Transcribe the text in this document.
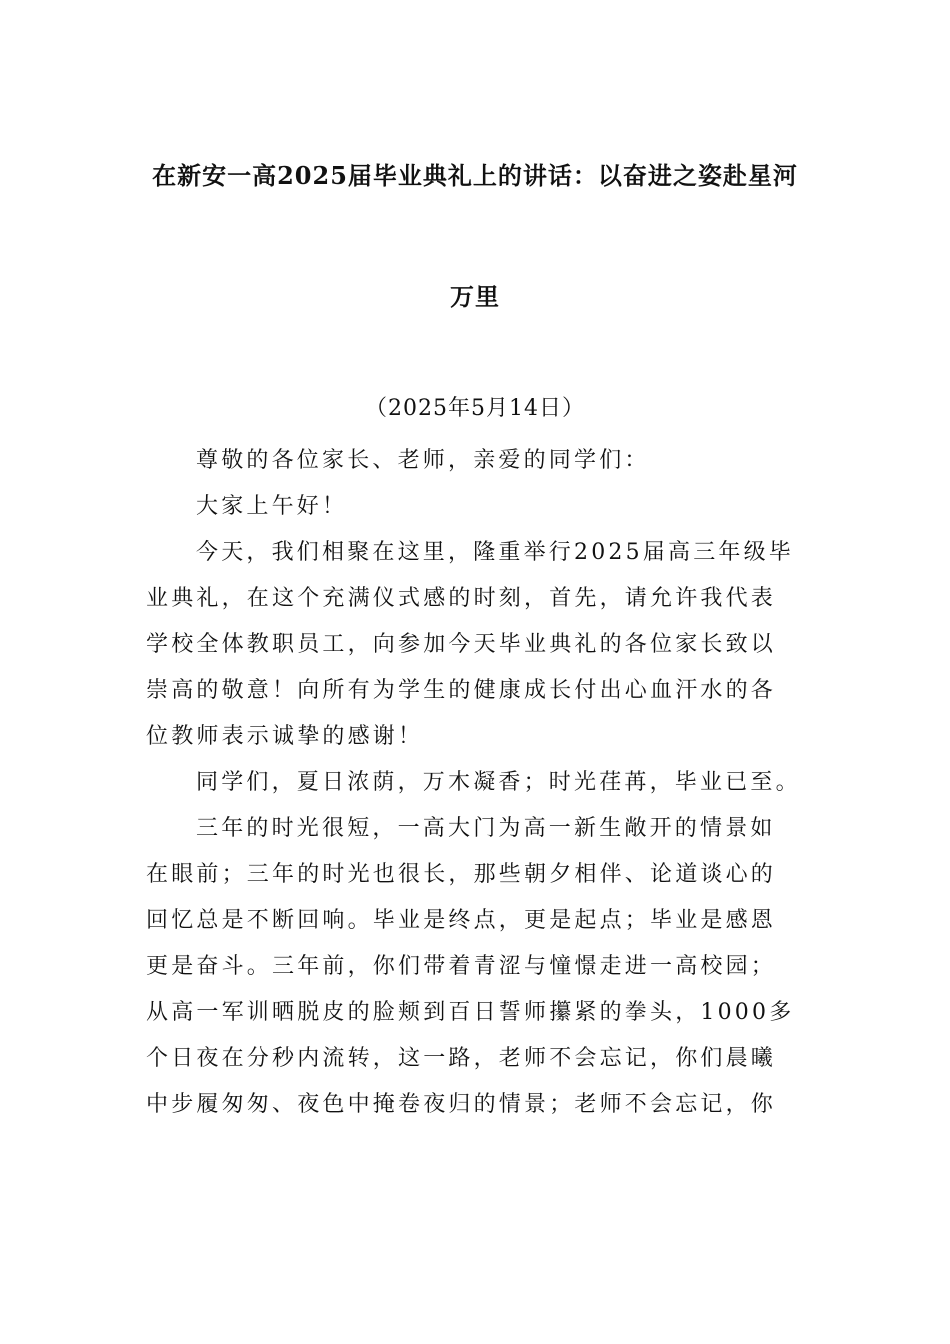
在新安一高2025届毕业典礼上的讲话：以奋进之姿赴星河
万里
（2025年5月14日）
尊敬的各位家长、老师，亲爱的同学们：
大家上午好！
今天，我们相聚在这里，隆重举行2025届高三年级毕
业典礼，在这个充满仪式感的时刻，首先，请允许我代表
学校全体教职员工，向参加今天毕业典礼的各位家长致以
崇高的敬意！向所有为学生的健康成长付出心血汗水的各
位教师表示诚挚的感谢！
同学们，夏日浓荫，万木凝香；时光荏苒，毕业已至。
三年的时光很短，一高大门为高一新生敞开的情景如
在眼前；三年的时光也很长，那些朝夕相伴、论道谈心的
回忆总是不断回响。毕业是终点，更是起点；毕业是感恩
更是奋斗。三年前，你们带着青涩与憧憬走进一高校园；
从高一军训晒脱皮的脸颊到百日誓师攥紧的拳头，1000多
个日夜在分秒内流转，这一路，老师不会忘记，你们晨曦
中步履匆匆、夜色中掩卷夜归的情景；老师不会忘记，你
